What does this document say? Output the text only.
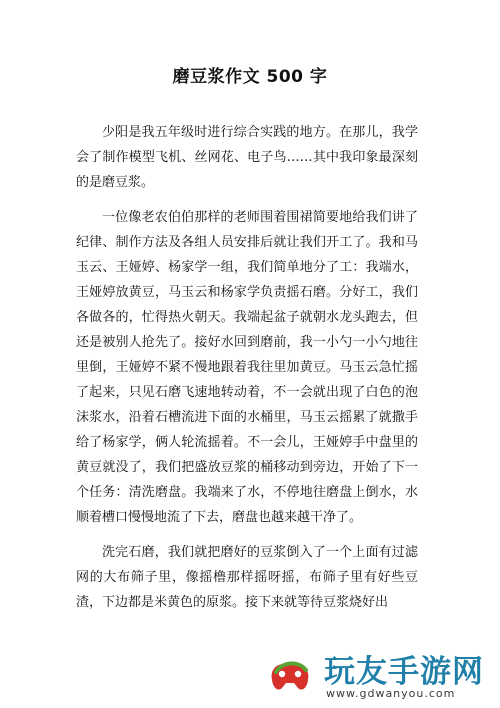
磨豆浆作文 500 字

少阳是我五年级时进行综合实践的地方。在那儿，我学会了制作模型飞机、丝网花、电子鸟……其中我印象最深刻的是磨豆浆。

一位像老农伯伯那样的老师围着围裙简要地给我们讲了纪律、制作方法及各组人员安排后就让我们开工了。我和马玉云、王娅婷、杨家学一组，我们简单地分了工：我端水，王娅婷放黄豆，马玉云和杨家学负责摇石磨。分好工，我们各做各的，忙得热火朝天。我端起盆子就朝水龙头跑去，但还是被别人抢先了。接好水回到磨前，我一小勺一小勺地往里倒，王娅婷不紧不慢地跟着我往里加黄豆。马玉云急忙摇了起来，只见石磨飞速地转动着，不一会就出现了白色的泡沫浆水，沿着石槽流进下面的水桶里，马玉云摇累了就撒手给了杨家学，俩人轮流摇着。不一会儿，王娅婷手中盘里的黄豆就没了，我们把盛放豆浆的桶移动到旁边，开始了下一个任务：清洗磨盘。我端来了水，不停地往磨盘上倒水，水顺着槽口慢慢地流了下去，磨盘也越来越干净了。

洗完石磨，我们就把磨好的豆浆倒入了一个上面有过滤网的大布筛子里，像摇橹那样摇呀摇，布筛子里有好些豆渣，下边都是米黄色的原浆。接下来就等待豆浆烧好出

玩友手游网
www.gdwanyou.com
